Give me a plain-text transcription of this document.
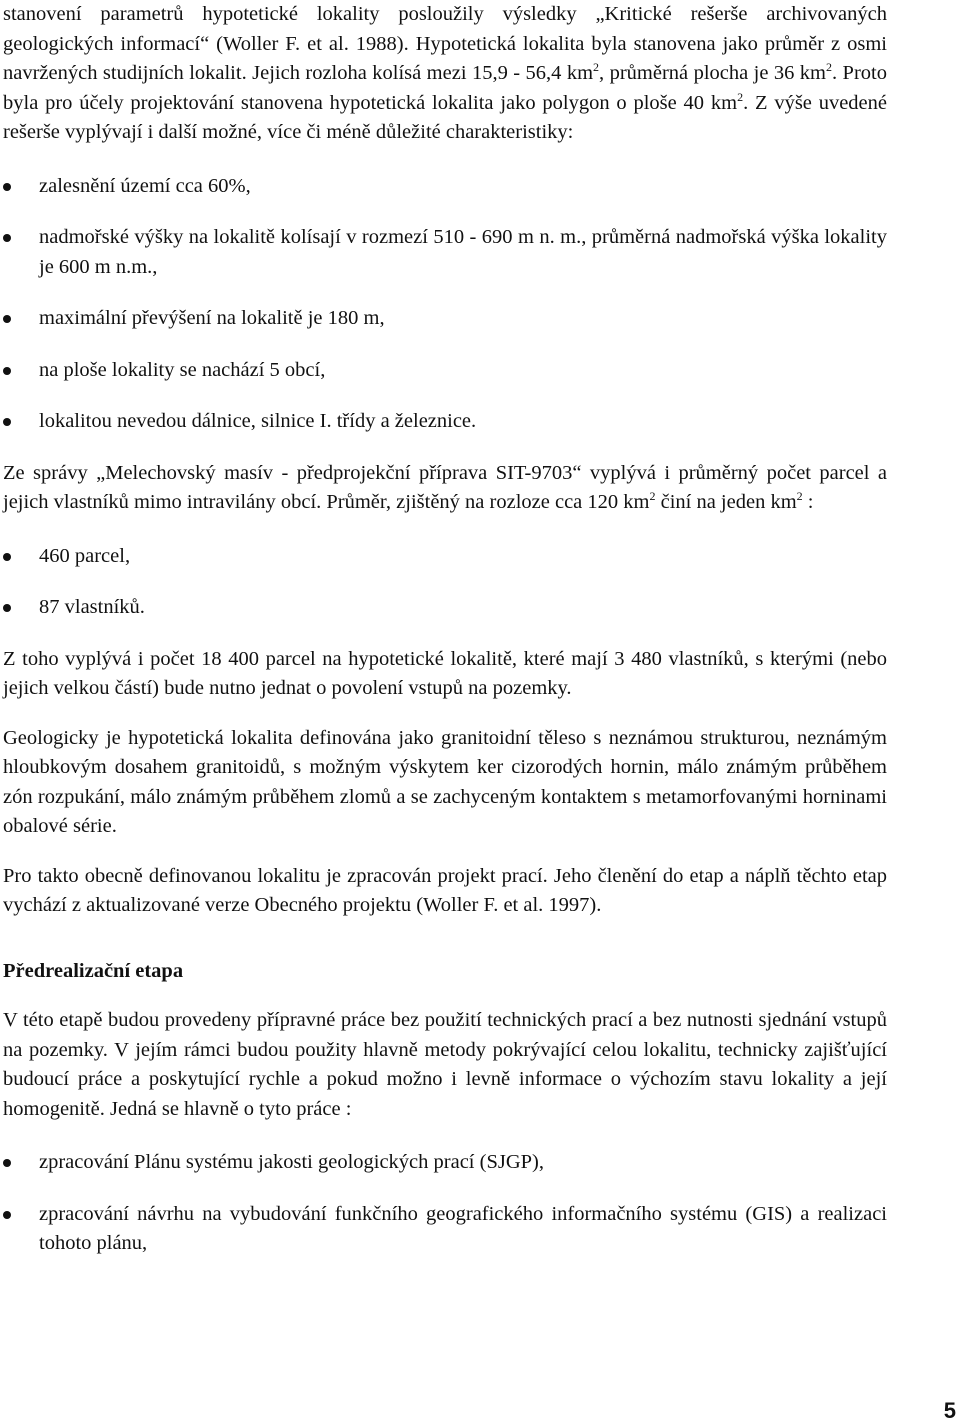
stanovení parametrů hypotetické lokality posloužily výsledky „Kritické rešerše archivovaných geologických informací“ (Woller F. et al. 1988). Hypotetická lokalita byla stanovena jako průměr z osmi navržených studijních lokalit. Jejich rozloha kolísá mezi 15,9 - 56,4 $km^2$, průměrná plocha je 36 $km^2$. Proto byla pro účely projektování stanovena hypotetická lokalita jako polygon o ploše 40 $km^2$. Z výše uvedené rešerše vyplývají i další možné, více či méně důležité charakteristiky:

zalesnění území cca 60%,
nadmořské výšky na lokalitě kolísají v rozmezí 510 - 690 m n. m., průměrná nadmořská výška lokality je 600 m n.m.,
maximální převýšení na lokalitě je 180 m,
na ploše lokality se nachází 5 obcí,
lokalitou nevedou dálnice, silnice I. třídy a železnice.

Ze správy „Melechovský masív - předprojekční příprava SIT-9703“ vyplývá i průměrný počet parcel a jejich vlastníků mimo intravilány obcí. Průměr, zjištěný na rozloze cca 120 $km^2$ činí na jeden $km^2$ :

460 parcel,
87 vlastníků.

Z toho vyplývá i počet 18 400 parcel na hypotetické lokalitě, které mají 3 480 vlastníků, s kterými (nebo jejich velkou částí) bude nutno jednat o povolení vstupů na pozemky.

Geologicky je hypotetická lokalita definována jako granitoidní těleso s neznámou strukturou, neznámým hloubkovým dosahem granitoidů, s možným výskytem ker cizorodých hornin, málo známým průběhem zón rozpukání, málo známým průběhem zlomů a se zachyceným kontaktem s metamorfovanými horninami obalové série.

Pro takto obecně definovanou lokalitu je zpracován projekt prací. Jeho členění do etap a náplň těchto etap vychází z aktualizované verze Obecného projektu (Woller F. et al. 1997).

Předrealizační etapa

V této etapě budou provedeny přípravné práce bez použití technických prací a bez nutnosti sjednání vstupů na pozemky. V jejím rámci budou použity hlavně metody pokrývající celou lokalitu, technicky zajišťující budoucí práce a poskytující rychle a pokud možno i levně informace o výchozím stavu lokality a její homogenitě. Jedná se hlavně o tyto práce :

zpracování Plánu systému jakosti geologických prací (SJGP),
zpracování návrhu na vybudování funkčního geografického informačního systému (GIS) a realizaci tohoto plánu,
5
